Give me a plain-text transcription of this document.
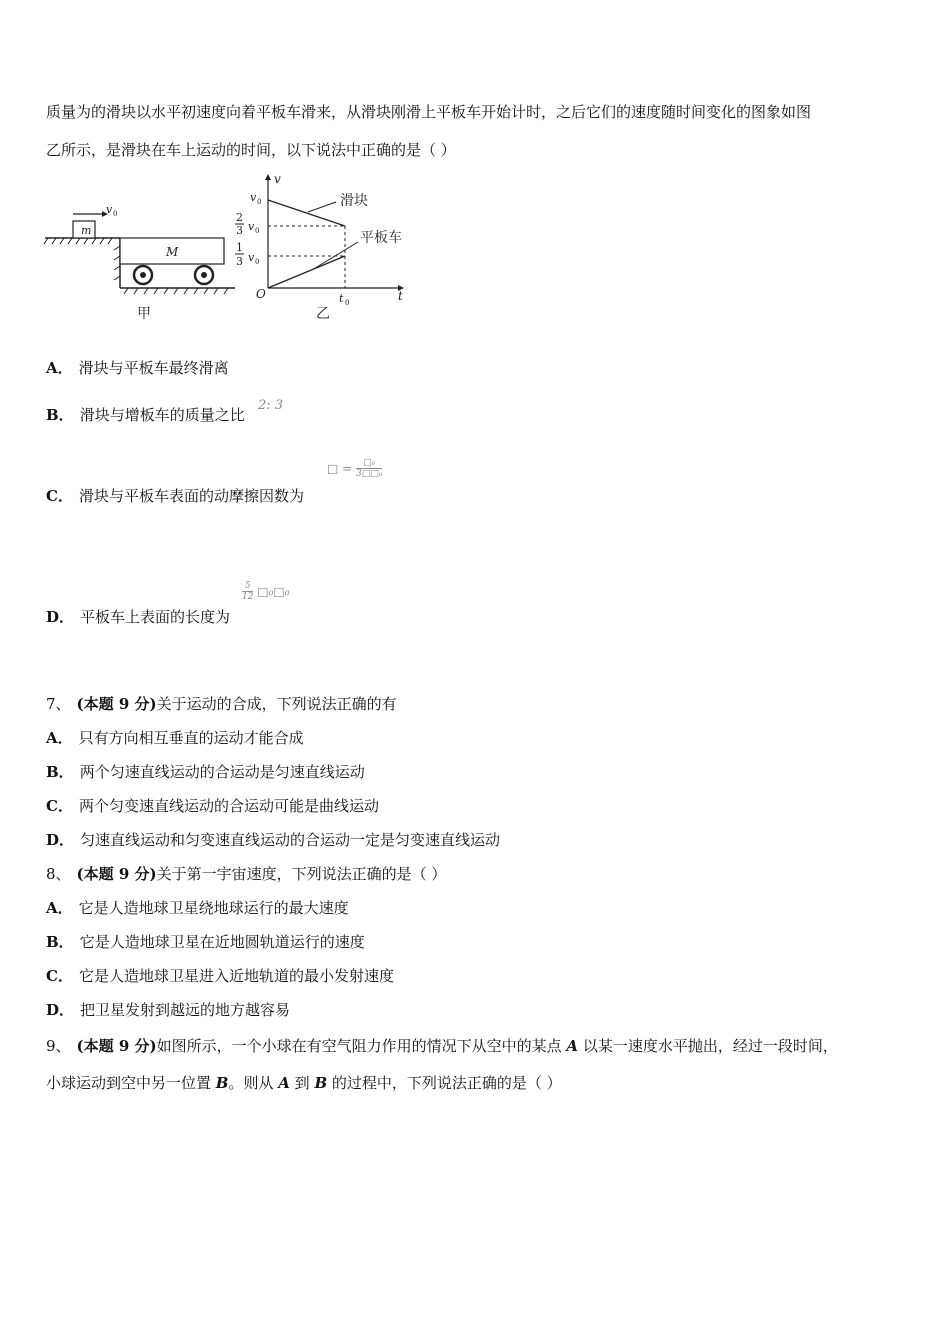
质量为的滑块以水平初速度向着平板车滑来，从滑块刚滑上平板车开始计时，之后它们的速度随时间变化的图象如图
乙所示，是滑块在车上运动的时间，以下说法中正确的是（ ）
m
v 0
M
甲
v
t
O
v 0
2
3 v 0
1
3 v 0
滑块
平板车
t 0
乙
A． 滑块与平板车最终滑离
B． 滑块与增板车的质量之比
2: 3
C． 滑块与平板车表面的动摩擦因数为
□ = $\frac{\text{□₀}}{\text{3□□₀}}$
D． 平板车上表面的长度为
$\frac{5}{12}$ □₀□₀
7、 (本题 9 分)关于运动的合成，下列说法正确的有
A． 只有方向相互垂直的运动才能合成
B． 两个匀速直线运动的合运动是匀速直线运动
C． 两个匀变速直线运动的合运动可能是曲线运动
D． 匀速直线运动和匀变速直线运动的合运动一定是匀变速直线运动
8、 (本题 9 分)关于第一宇宙速度，下列说法正确的是（ ）
A． 它是人造地球卫星绕地球运行的最大速度
B． 它是人造地球卫星在近地圆轨道运行的速度
C． 它是人造地球卫星进入近地轨道的最小发射速度
D． 把卫星发射到越远的地方越容易
9、 (本题 9 分)如图所示，一个小球在有空气阻力作用的情况下从空中的某点 A 以某一速度水平抛出，经过一段时间，
小球运动到空中另一位置 B。则从 A 到 B 的过程中，下列说法正确的是（ ）
